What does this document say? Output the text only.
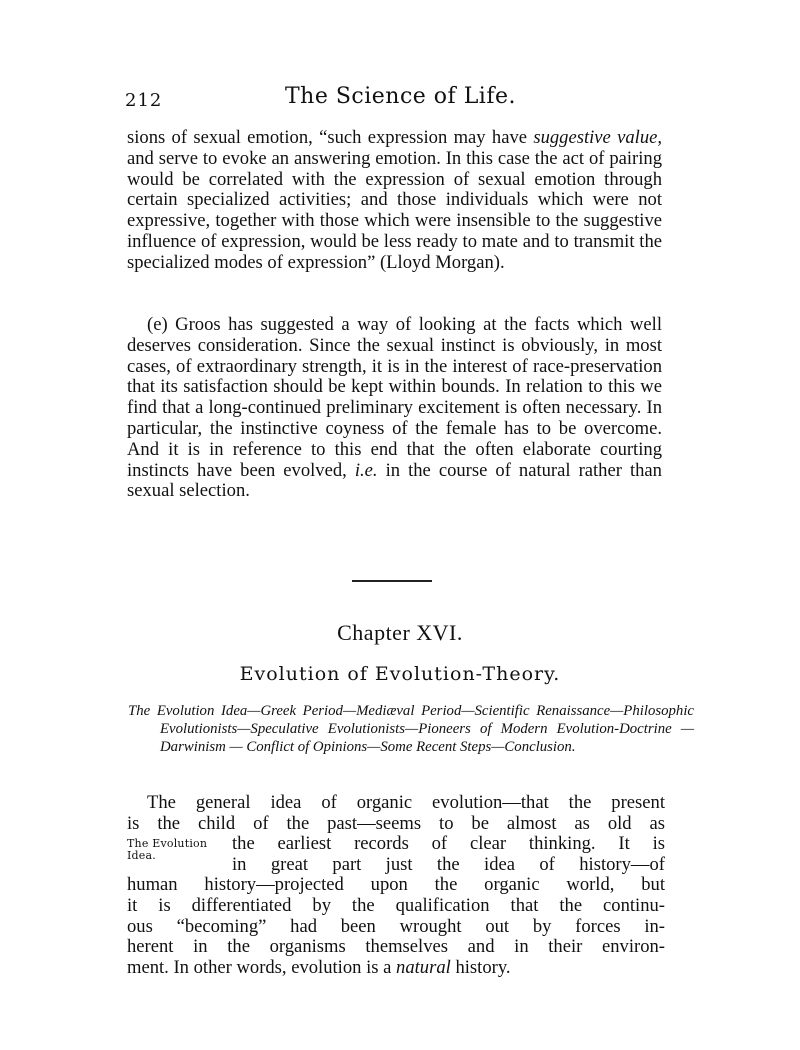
212	The Science of Life.

sions of sexual emotion, “such expression may have suggestive value, and serve to evoke an answering emotion. In this case the act of pairing would be correlated with the expression of sexual emotion through certain specialized activities; and those individuals which were not expressive, together with those which were insensible to the suggestive influence of expression, would be less ready to mate and to transmit the specialized modes of expression” (Lloyd Morgan).

(e) Groos has suggested a way of looking at the facts which well deserves consideration. Since the sexual instinct is obviously, in most cases, of extraordinary strength, it is in the interest of race-preservation that its satisfaction should be kept within bounds. In relation to this we find that a long-continued preliminary excitement is often necessary. In particular, the instinctive coyness of the female has to be overcome. And it is in reference to this end that the often elaborate courting instincts have been evolved, i.e. in the course of natural rather than sexual selection.

Chapter XVI.
Evolution of Evolution-Theory.

The Evolution Idea—Greek Period—Mediæval Period—Scientific Renaissance—Philosophic Evolutionists—Speculative Evolutionists—Pioneers of Modern Evolution-Doctrine — Darwinism — Conflict of Opinions—Some Recent Steps—Conclusion.

The general idea of organic evolution—that the present
is the child of the past—seems to be almost as old as
The Evolution
Idea.
the earliest records of clear thinking. It is
in great part just the idea of history—of
human history—projected upon the organic world, but
it is differentiated by the qualification that the continu-
ous “becoming” had been wrought out by forces in-
herent in the organisms themselves and in their environ-
ment. In other words, evolution is a natural history.
